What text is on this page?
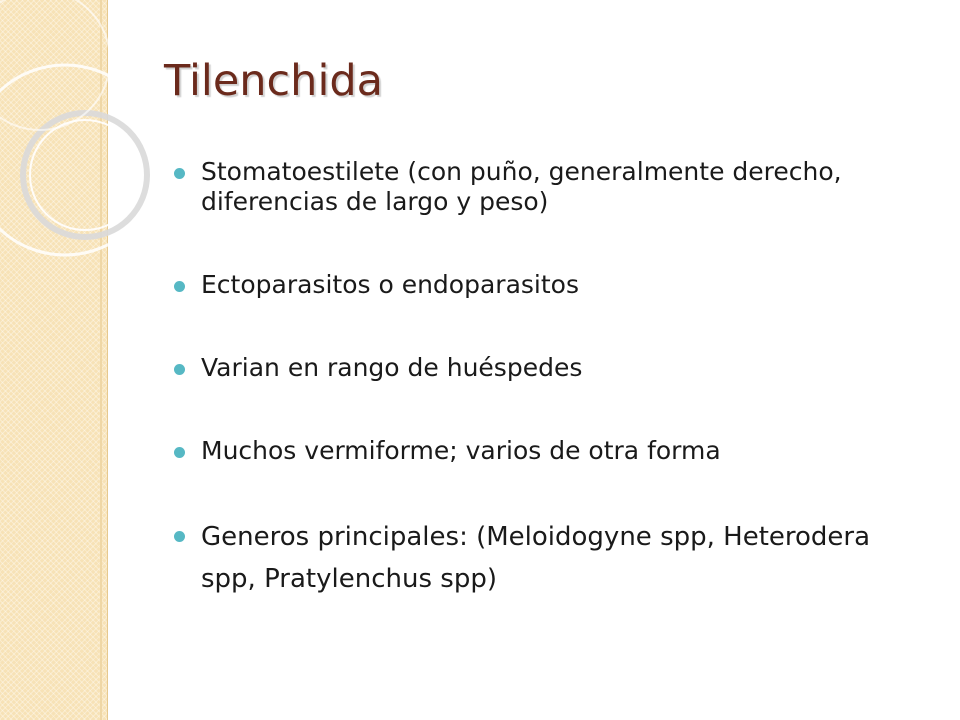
Tilenchida
Stomatoestilete (con puño, generalmente derecho, diferencias de largo y peso)
Ectoparasitos o endoparasitos
Varian en rango de huéspedes
Muchos vermiforme; varios de otra forma
Generos principales: (Meloidogyne spp, Heterodera spp, Pratylenchus spp)
